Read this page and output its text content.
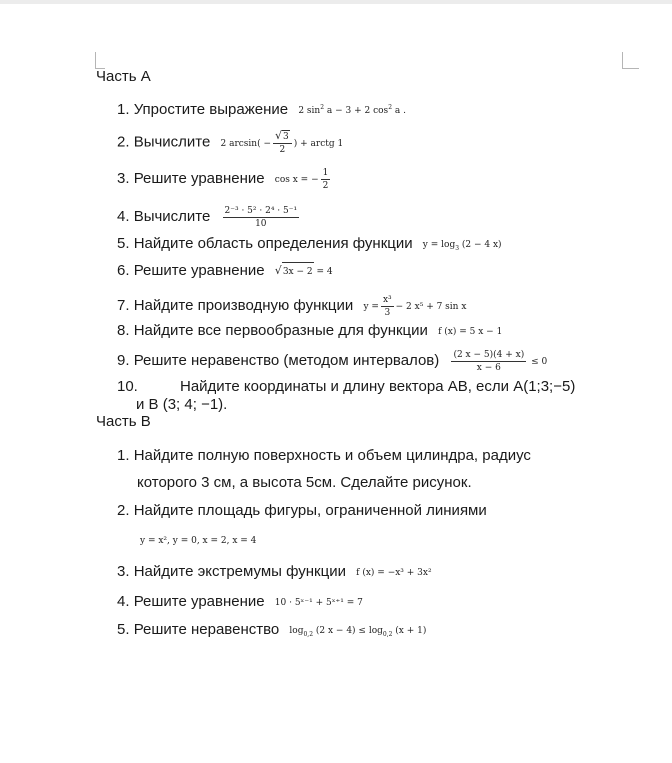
Часть А
1. Упростите выражение 2 $\sin^2 a - 3 + 2$ $\cos^2 a$ .
2. Вычислите 2 $\arcsin( - \frac{√3}{2}$ ) + arctg 1
3. Решите уравнение cos x = − $\frac{1}{2}$
4. Вычислите $\frac{\text{2⁻³ · 5² · 2⁴ · 5⁻¹}}{10}$
5. Найдите область определения функции $y = \log_3 (2 - 4$ x)
6. Решите уравнение √3x − 2 = 4
7. Найдите производную функции $y = \frac{\text{x³}}{3} - 2$ x⁵ + 7 sin x
8. Найдите все первообразные для функции f (x) = 5 x − 1
9. Решите неравенство (методом интервалов) $\frac{(2 x - 5)(4 + x)}{x - 6} \le 0$
10.	Найдите координаты и длину вектора АВ, если А(1;3;−5)
и В (3; 4; −1).
Часть В
1. Найдите полную поверхность и объем цилиндра, радиус
которого 3 см, а высота 5см. Сделайте рисунок.
2. Найдите площадь фигуры, ограниченной линиями
y = x², y = 0, x = 2, x = 4
3. Найдите экстремумы функции f (x) = −x³ + 3x²
4. Решите уравнение 10 · 5ˣ⁻¹ + 5ˣ⁺¹ = 7
5. Решите неравенство $\log_{0,2} (2$ $x - 4) \le \log_{0,2} (x + 1)$
